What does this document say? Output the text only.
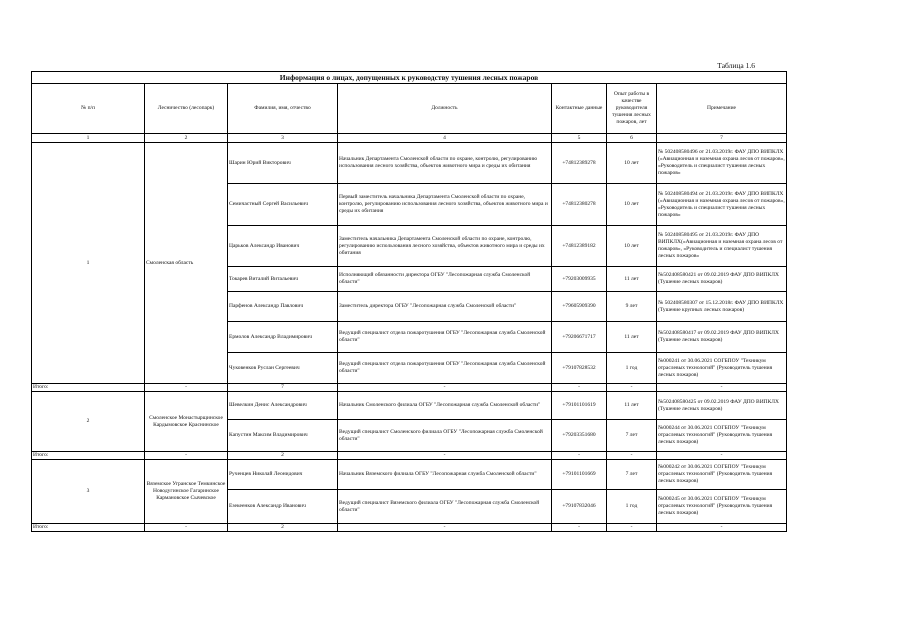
Таблица 1.6
Информация о лицах, допущенных к руководству тушения лесных пожаров						
№ п/п	Лесничество (лесопарк)	Фамилия, имя, отчество	Должность	Контактные данные	Опыт работы в качестве руководителя тушения лесных пожаров, лет	Примечание
1	2	3	4	5	6	7
1	Смоленская область	Шарин Юрий Викторович	Начальник Департамента Смоленской области по охране, контролю, регулированию использования лесного хозяйства, объектов животного мира и среды их обитания	+74812389278	10 лет	№ 502408580496 от 21.03.2019г. ФАУ ДПО ВИПКЛХ («Авиационная и наземная охрана лесов от пожаров», «Руководитель и специалист тушения лесных пожаров»
		Семичастный Сергей Васильевич	Первый заместитель начальника Департамента Смоленской области по охране, контролю, регулированию использования лесного хозяйства, объектов животного мира и среды их обитания	+74812380278	10 лет	№ 502408580494 от 21.03.2019г. ФАУ ДПО ВИПКЛХ («Авиационная и наземная охрана лесов от пожаров», «Руководитель и специалист тушения лесных пожаров»
		Царьков Александр Иванович	Заместитель начальника Департамента Смоленской области по охране, контролю, регулированию использования лесного хозяйства, объектов животного мира и среды их обитания	+74812389182	10 лет	№ 502408580495 от 21.03.2019г. ФАУ ДПО ВИПКЛХ(«Авиационная и наземная охрана лесов от пожаров», «Руководитель и специалист тушения лесных пожаров»
		Токарев Виталий Витальевич	Исполняющий обязанности директора ОГБУ "Лесопожарная служба Смоленской области"	+79203009935	11 лет	№502408580421 от 09.02.2019 ФАУ ДПО ВИПКЛХ (Тушение лесных пожаров)
		Парфенов Александр Павлович	Заместитель директора ОГБУ "Лесопожарная служба Смоленской области"	+79605909390	9 лет	№ 502408580307 от 15.12.2018г. ФАУ ДПО ВИПКЛХ (Тушение крупных лесных пожаров)
		Ермолов Александр Владимирович	Ведущий специалист отдела пожаротушения ОГБУ "Лесопожарная служба Смоленской области"	+79206671717	11 лет	№502408580417 от 09.02.2019 ФАУ ДПО ВИПКЛХ (Тушение лесных пожаров)
		Чуковенков Руслан Сергеевич	Ведущий специалист отдела пожаротушения ОГБУ "Лесопожарная служба Смоленской области"	+79107828532	1 год	№000241 от 30.06.2021 СОГБПОУ "Техникум отраслевых технологий" (Руководитель тушения лесных пожаров)
Итого:	-	7	-	-	-	-
2	Смоленское Монастырщинское Кардымовское Краснинское	Шевелкин Денис Александрович	Начальник Смоленского филиала ОГБУ "Лесопожарная служба Смоленской области"	+79101101619	11 лет	№502408580425 от 09.02.2019 ФАУ ДПО ВИПКЛХ (Тушение лесных пожаров)
		Капустин Максим Владимирович	Ведущий специалист Смоленского филиала ОГБУ "Лесопожарная служба Смоленской области"	+79203351680	7 лет	№000244 от 30.06.2021 СОГБПОУ "Техникум отраслевых технологий" (Руководитель тушения лесных пожаров)
Итого:	-	2	-	-	-	-
3	Вяземское Угранское Темкинское Новодугинское Гагаринское Кармановское Сычевское	Рученцев Николай Леонидович	Начальник Вяземского филиала ОГБУ "Лесопожарная служба Смоленской области"	+79101101669	7 лет	№000242 от 30.06.2021 СОГБПОУ "Техникум отраслевых технологий" (Руководитель тушения лесных пожаров)
		Езекеенков Александр Иванович	Ведущий специалист Вяземского филиала ОГБУ "Лесопожарная служба Смоленской области"	+79107832046	1 год	№000245 от 30.06.2021 СОГБПОУ "Техникум отраслевых технологий" (Руководитель тушения лесных пожаров)
Итого:	-	2	-	-	-	-
